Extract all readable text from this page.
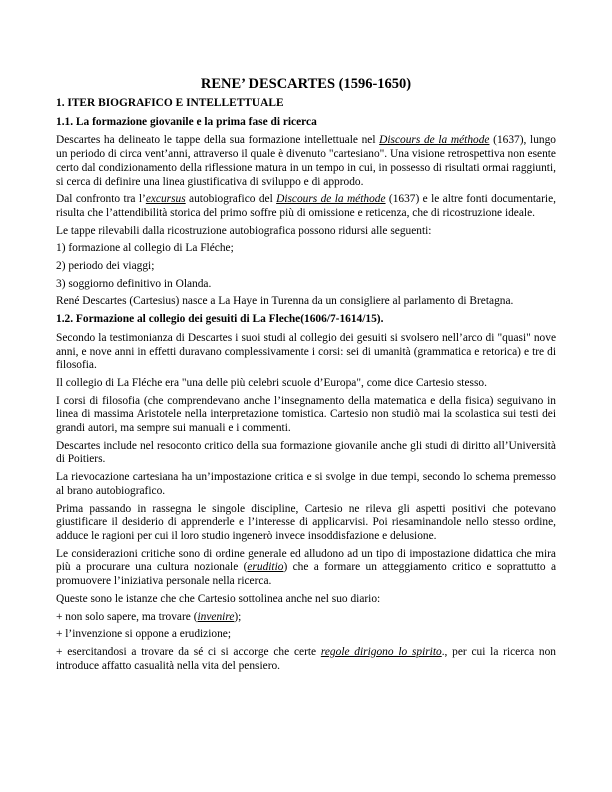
RENE’ DESCARTES (1596-1650)
1. ITER BIOGRAFICO E INTELLETTUALE
1.1. La formazione giovanile e la prima fase di ricerca

Descartes ha delineato le tappe della sua formazione intellettuale nel Discours de la méthode (1637), lungo un periodo di circa vent’anni, attraverso il quale è divenuto "cartesiano". Una visione retrospettiva non esente certo dal condizionamento della riflessione matura in un tempo in cui, in possesso di risultati ormai raggiunti, si cerca di definire una linea giustificativa di sviluppo e di approdo.

Dal confronto tra l’excursus autobiografico del Discours de la méthode (1637) e le altre fonti documentarie, risulta che l’attendibilità storica del primo soffre più di omissione e reticenza, che di ricostruzione ideale.

Le tappe rilevabili dalla ricostruzione autobiografica possono ridursi alle seguenti:

1) formazione al collegio di La Fléche;

2) periodo dei viaggi;

3) soggiorno definitivo in Olanda.

René Descartes (Cartesius) nasce a La Haye in Turenna da un consigliere al parlamento di Bretagna.

1.2. Formazione al collegio dei gesuiti di La Fleche(1606/7-1614/15).

Secondo la testimonianza di Descartes i suoi studi al collegio dei gesuiti si svolsero nell’arco di "quasi" nove anni, e nove anni in effetti duravano complessivamente i corsi: sei di umanità (grammatica e retorica) e tre di filosofia.

Il collegio di La Fléche era "una delle più celebri scuole d’Europa", come dice Cartesio stesso.

I corsi di filosofia (che comprendevano anche l’insegnamento della matematica e della fisica) seguivano in linea di massima Aristotele nella interpretazione tomistica. Cartesio non studiò mai la scolastica sui testi dei grandi autori, ma sempre sui manuali e i commenti.

Descartes include nel resoconto critico della sua formazione giovanile anche gli studi di diritto all’Università di Poitiers.

La rievocazione cartesiana ha un’impostazione critica e si svolge in due tempi, secondo lo schema premesso al brano autobiografico.

Prima passando in rassegna le singole discipline, Cartesio ne rileva gli aspetti positivi che potevano giustificare il desiderio di apprenderle e l’interesse di applicarvisi. Poi riesaminandole nello stesso ordine, adduce le ragioni per cui il loro studio ingenerò invece insoddisfazione e delusione.

Le considerazioni critiche sono di ordine generale ed alludono ad un tipo di impostazione didattica che mira più a procurare una cultura nozionale (eruditio) che a formare un atteggiamento critico e soprattutto a promuovere l’iniziativa personale nella ricerca.

Queste sono le istanze che che Cartesio sottolinea anche nel suo diario:

+ non solo sapere, ma trovare (invenire);

+ l’invenzione si oppone a erudizione;

+ esercitandosi a trovare da sé ci si accorge che certe regole dirigono lo spirito., per cui la ricerca non introduce affatto casualità nella vita del pensiero.
